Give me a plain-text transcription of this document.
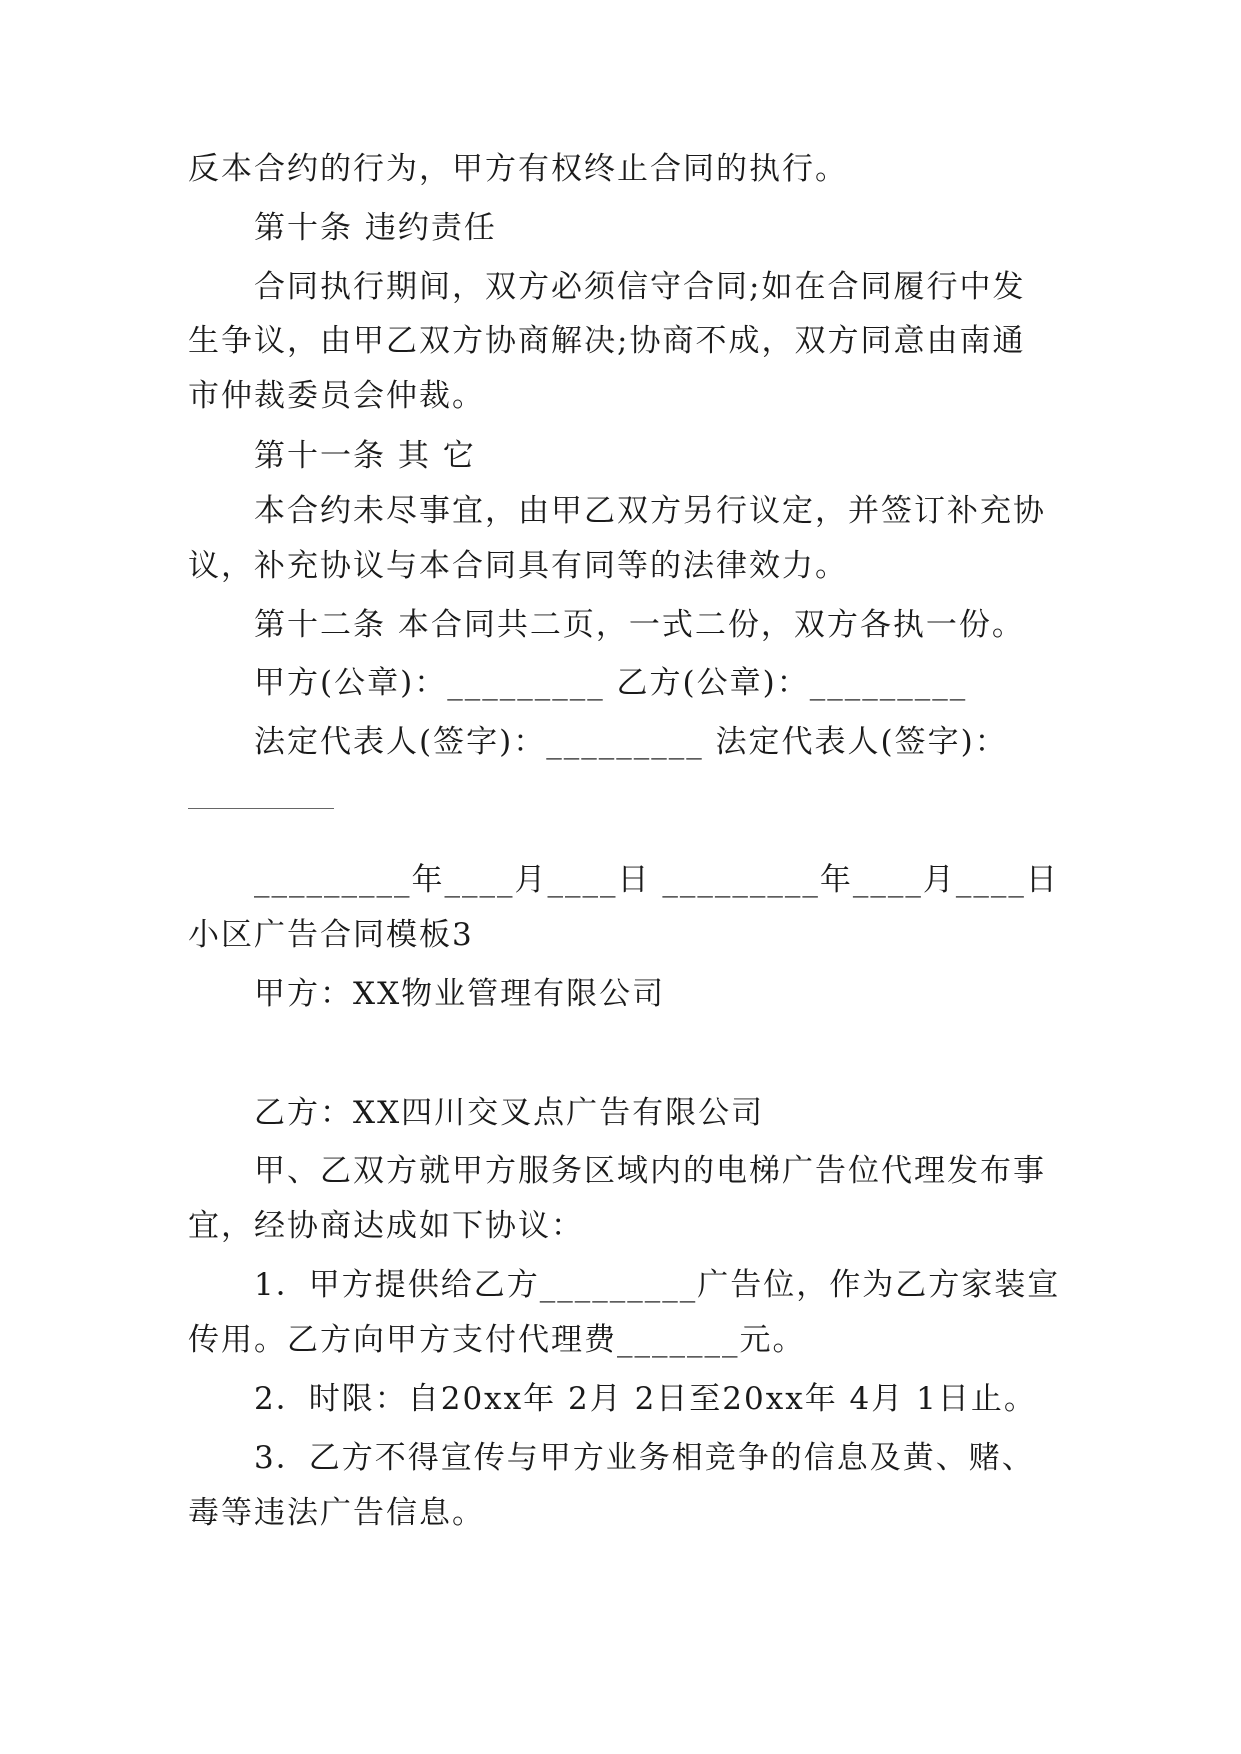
反本合约的行为，甲方有权终止合同的执行。
第十条 违约责任
合同执行期间，双方必须信守合同;如在合同履行中发
生争议，由甲乙双方协商解决;协商不成，双方同意由南通
市仲裁委员会仲裁。
第十一条 其 它
本合约未尽事宜，由甲乙双方另行议定，并签订补充协
议，补充协议与本合同具有同等的法律效力。
第十二条 本合同共二页，一式二份，双方各执一份。
甲方(公章)：_________ 乙方(公章)：_________
法定代表人(签字)：_________ 法定代表人(签字)：
_________年____月____日 _________年____月____日
小区广告合同模板3
甲方：XX物业管理有限公司
乙方：XX四川交叉点广告有限公司
甲、乙双方就甲方服务区域内的电梯广告位代理发布事
宜，经协商达成如下协议：
1．甲方提供给乙方_________广告位，作为乙方家装宣
传用。乙方向甲方支付代理费_______元。
2．时限：自20xx年 2月 2日至20xx年 4月 1日止。
3．乙方不得宣传与甲方业务相竞争的信息及黄、赌、
毒等违法广告信息。
